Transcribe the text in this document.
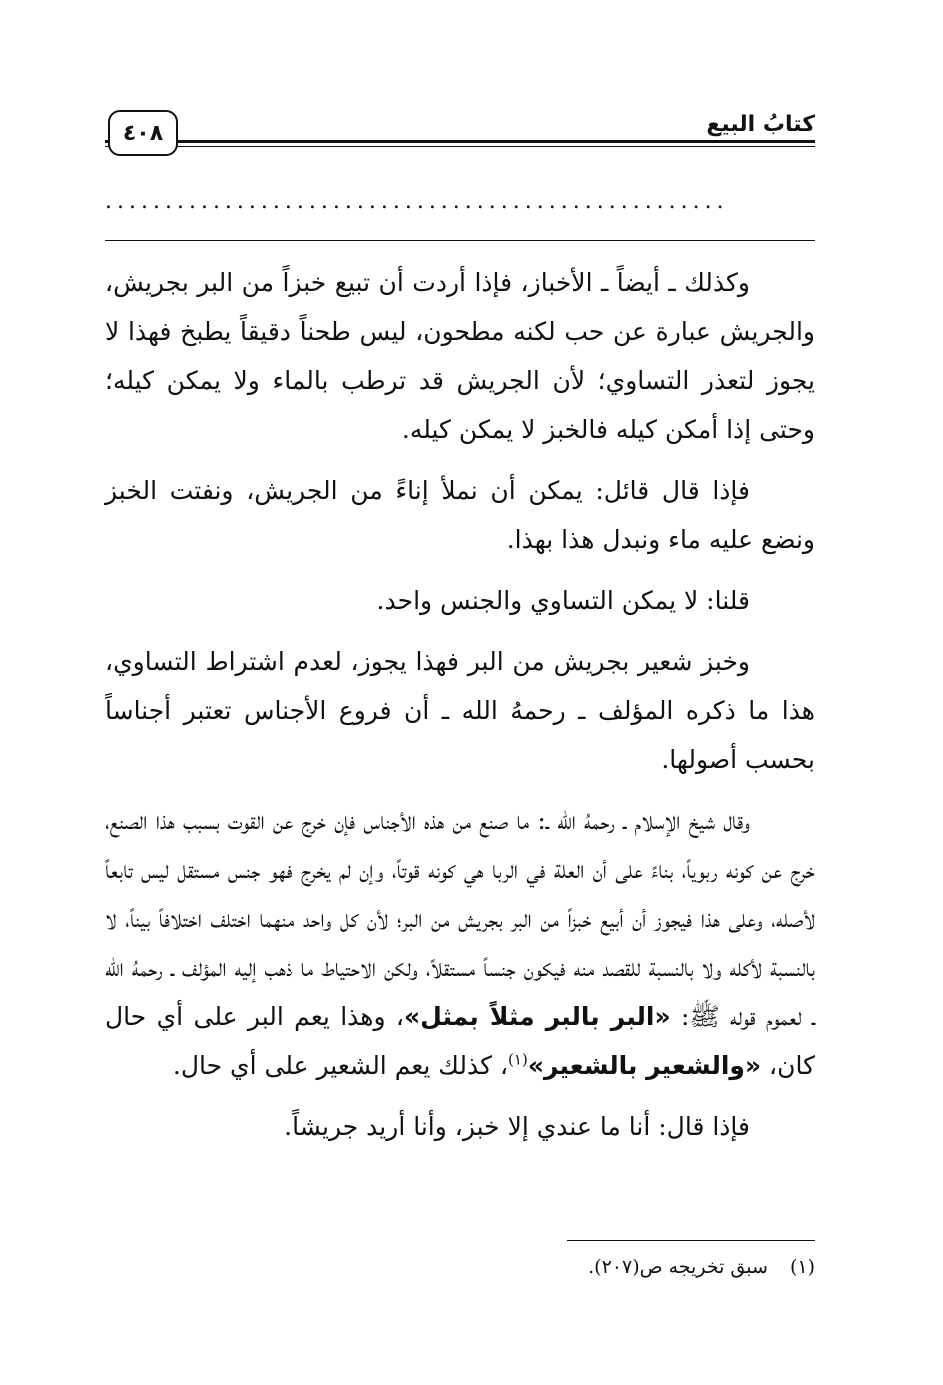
٤٠٨	كتابُ البيع
....................................................

وكذلك ـ أيضاً ـ الأخباز، فإذا أردت أن تبيع خبزاً من البر بجريش، والجريش عبارة عن حب لكنه مطحون، ليس طحناً دقيقاً يطبخ فهذا لا يجوز لتعذر التساوي؛ لأن الجريش قد ترطب بالماء ولا يمكن كيله؛ وحتى إذا أمكن كيله فالخبز لا يمكن كيله.

فإذا قال قائل: يمكن أن نملأ إناءً من الجريش، ونفتت الخبز ونضع عليه ماء ونبدل هذا بهذا.

قلنا: لا يمكن التساوي والجنس واحد.

وخبز شعير بجريش من البر فهذا يجوز، لعدم اشتراط التساوي، هذا ما ذكره المؤلف ـ رحمهُ الله ـ أن فروع الأجناس تعتبر أجناساً بحسب أصولها.

وقال شيخ الإسلام ـ رحمهُ الله ـ: ما صنع من هذه الأجناس فإن خرج عن القوت بسبب هذا الصنع، خرج عن كونه ربوياً، بناءً على أن العلة في الربا هي كونه قوتاً، وإن لم يخرج فهو جنس مستقل ليس تابعاً لأصله، وعلى هذا فيجوز أن أبيع خبزاً من البر بجريش من البر؛ لأن كل واحد منهما اختلف اختلافاً بيناً، لا بالنسبة لأكله ولا بالنسبة للقصد منه فيكون جنساً مستقلاً، ولكن الاحتياط ما ذهب إليه المؤلف ـ رحمهُ الله ـ لعموم قوله ﷺ: «البر بالبر مثلاً بمثل»، وهذا يعم البر على أي حال كان، «والشعير بالشعير»$^{(١)}$، كذلك يعم الشعير على أي حال.

فإذا قال: أنا ما عندي إلا خبز، وأنا أريد جريشاً.

(١)سبق تخريجه ص(٢٠٧).
